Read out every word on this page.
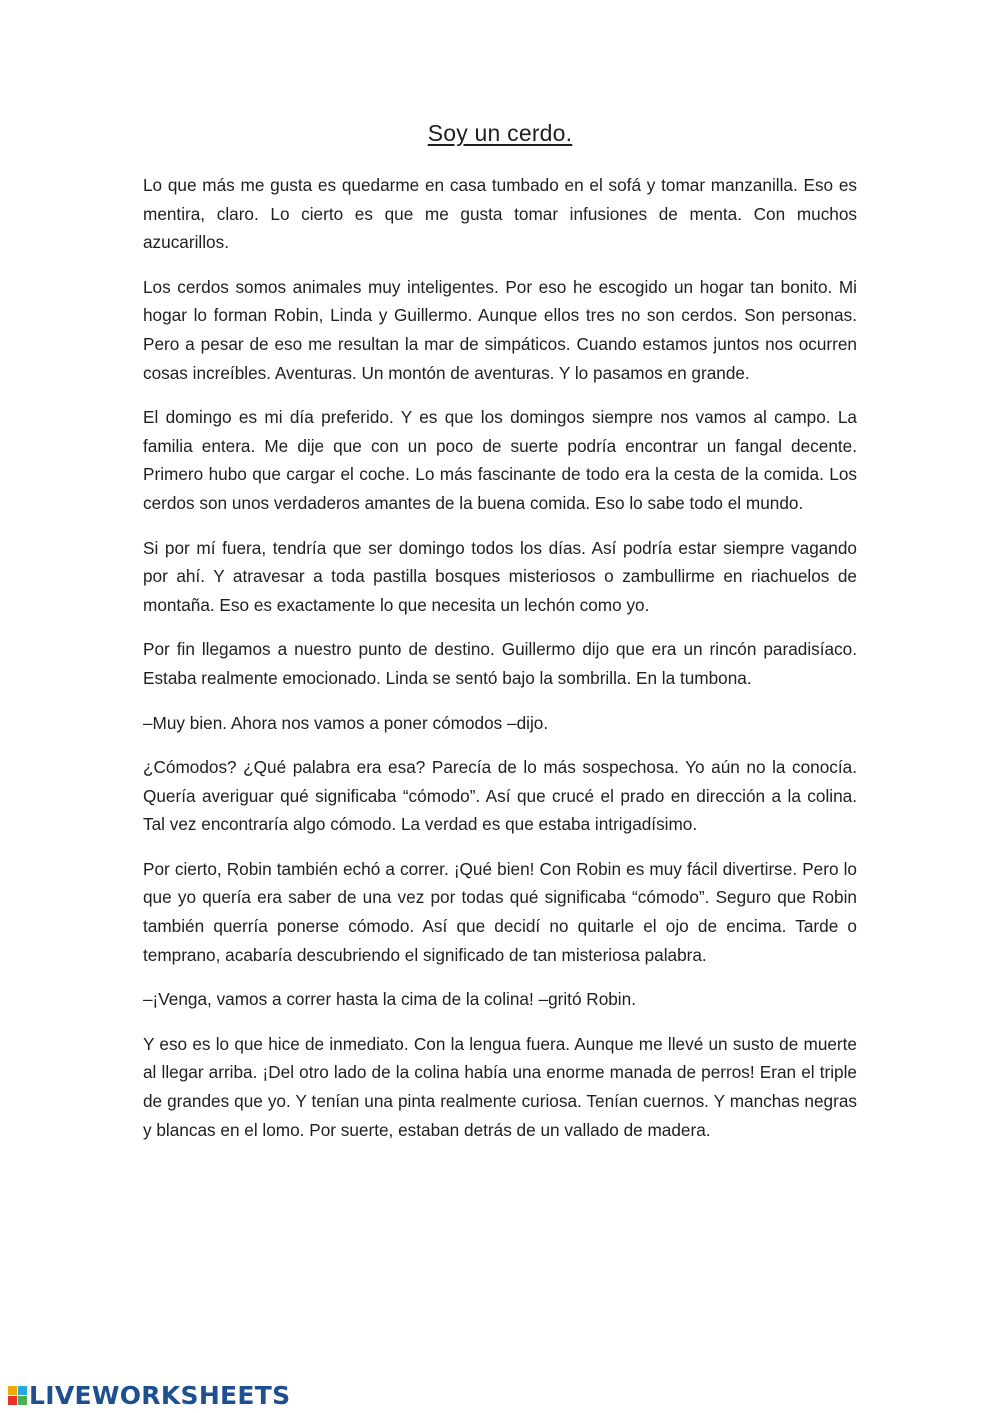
Soy un cerdo.

Lo que más me gusta es quedarme en casa tumbado en el sofá y tomar manzanilla. Eso es mentira, claro. Lo cierto es que me gusta tomar infusiones de menta. Con muchos azucarillos.

Los cerdos somos animales muy inteligentes. Por eso he escogido un hogar tan bonito. Mi hogar lo forman Robin, Linda y Guillermo. Aunque ellos tres no son cerdos. Son personas. Pero a pesar de eso me resultan la mar de simpáticos. Cuando estamos juntos nos ocurren cosas increíbles. Aventuras. Un montón de aventuras. Y lo pasamos en grande.

El domingo es mi día preferido. Y es que los domingos siempre nos vamos al campo. La familia entera. Me dije que con un poco de suerte podría encontrar un fangal decente. Primero hubo que cargar el coche. Lo más fascinante de todo era la cesta de la comida. Los cerdos son unos verdaderos amantes de la buena comida. Eso lo sabe todo el mundo.

Si por mí fuera, tendría que ser domingo todos los días. Así podría estar siempre vagando por ahí. Y atravesar a toda pastilla bosques misteriosos o zambullirme en riachuelos de montaña. Eso es exactamente lo que necesita un lechón como yo.

Por fin llegamos a nuestro punto de destino. Guillermo dijo que era un rincón paradisíaco. Estaba realmente emocionado. Linda se sentó bajo la sombrilla. En la tumbona.

–Muy bien. Ahora nos vamos a poner cómodos –dijo.

¿Cómodos? ¿Qué palabra era esa? Parecía de lo más sospechosa. Yo aún no la conocía. Quería averiguar qué significaba “cómodo”. Así que crucé el prado en dirección a la colina. Tal vez encontraría algo cómodo. La verdad es que estaba intrigadísimo.

Por cierto, Robin también echó a correr. ¡Qué bien! Con Robin es muy fácil divertirse. Pero lo que yo quería era saber de una vez por todas qué significaba “cómodo”. Seguro que Robin también querría ponerse cómodo. Así que decidí no quitarle el ojo de encima. Tarde o temprano, acabaría descubriendo el significado de tan misteriosa palabra.

–¡Venga, vamos a correr hasta la cima de la colina! –gritó Robin.

Y eso es lo que hice de inmediato. Con la lengua fuera. Aunque me llevé un susto de muerte al llegar arriba. ¡Del otro lado de la colina había una enorme manada de perros! Eran el triple de grandes que yo. Y tenían una pinta realmente curiosa. Tenían cuernos. Y manchas negras y blancas en el lomo. Por suerte, estaban detrás de un vallado de madera.

LIVEWORKSHEETS
